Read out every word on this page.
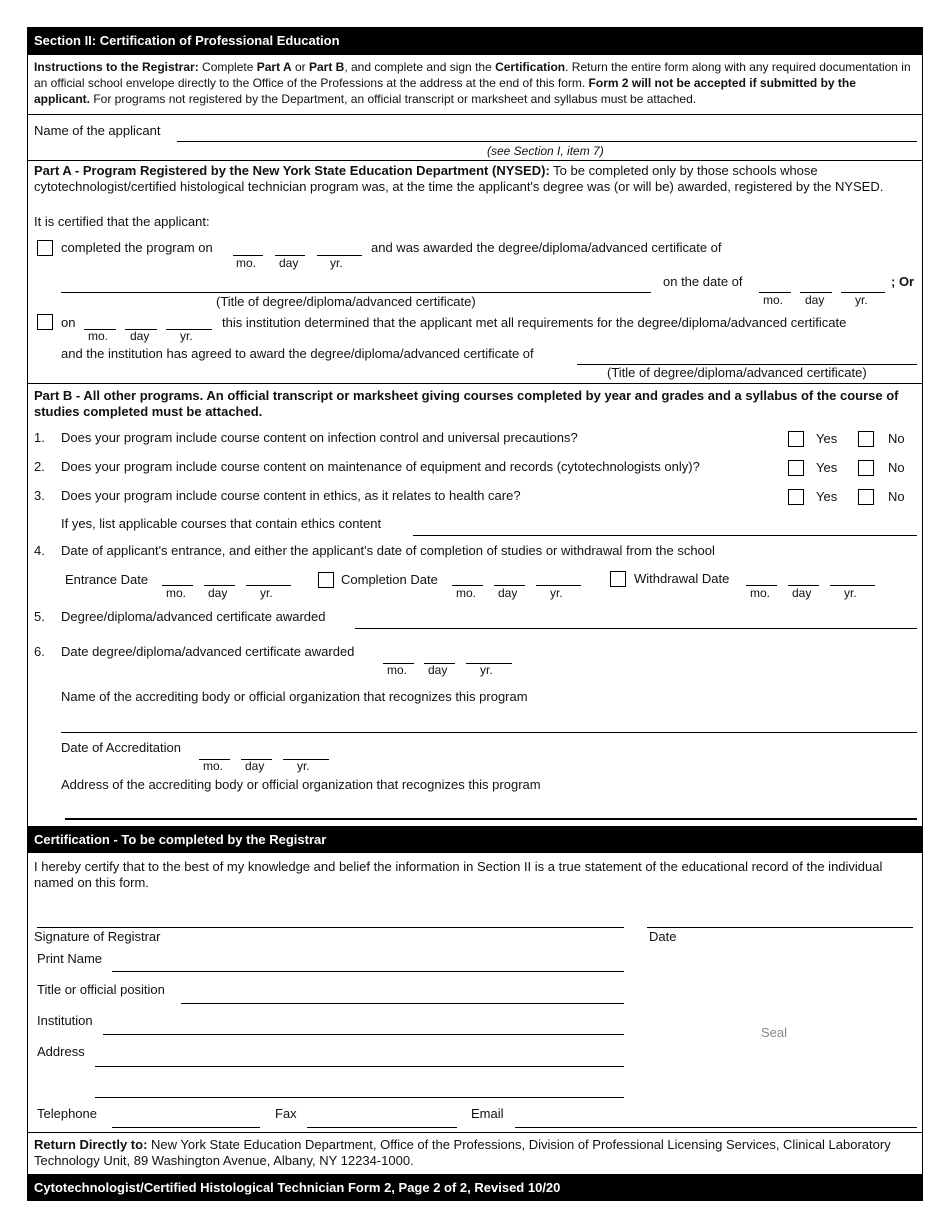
Section II: Certification of Professional Education
Instructions to the Registrar: Complete Part A or Part B, and complete and sign the Certification. Return the entire form along with any required documentation in an official school envelope directly to the Office of the Professions at the address at the end of this form. Form 2 will not be accepted if submitted by the applicant. For programs not registered by the Department, an official transcript or marksheet and syllabus must be attached.
Name of the applicant
(see Section I, item 7)
Part A - Program Registered by the New York State Education Department (NYSED): To be completed only by those schools whose cytotechnologist/certified histological technician program was, at the time the applicant's degree was (or will be) awarded, registered by the NYSED.
It is certified that the applicant:
completed the program on
mo. day	yr.
and was awarded the degree/diploma/advanced certificate of
on the date of	; Or
(Title of degree/diploma/advanced certificate)	mo. day	yr.
on
mo. day	yr.
this institution determined that the applicant met all requirements for the degree/diploma/advanced certificate
and the institution has agreed to award the degree/diploma/advanced certificate of
(Title of degree/diploma/advanced certificate)
Part B - All other programs. An official transcript or marksheet giving courses completed by year and grades and a syllabus of the course of studies completed must be attached.
1. Does your program include course content on infection control and universal precautions?	Yes	No
2. Does your program include course content on maintenance of equipment and records (cytotechnologists only)?	Yes	No
3. Does your program include course content in ethics, as it relates to health care?	Yes	No
If yes, list applicable courses that contain ethics content
4. Date of applicant's entrance, and either the applicant's date of completion of studies or withdrawal from the school
Entrance Date
mo. day	yr.
Completion Date
mo. day	yr.
Withdrawal Date
mo. day	yr.
5. Degree/diploma/advanced certificate awarded
6. Date degree/diploma/advanced certificate awarded
mo. day	yr.
Name of the accrediting body or official organization that recognizes this program
Date of Accreditation
mo. day	yr.
Address of the accrediting body or official organization that recognizes this program
Certification - To be completed by the Registrar
I hereby certify that to the best of my knowledge and belief the information in Section II is a true statement of the educational record of the individual named on this form.
Signature of Registrar	Date
Print Name
Title or official position
Institution
Seal
Address
Telephone	Fax	Email
Return Directly to: New York State Education Department, Office of the Professions, Division of Professional Licensing Services, Clinical Laboratory Technology Unit, 89 Washington Avenue, Albany, NY 12234-1000.
Cytotechnologist/Certified Histological Technician Form 2, Page 2 of 2, Revised 10/20
